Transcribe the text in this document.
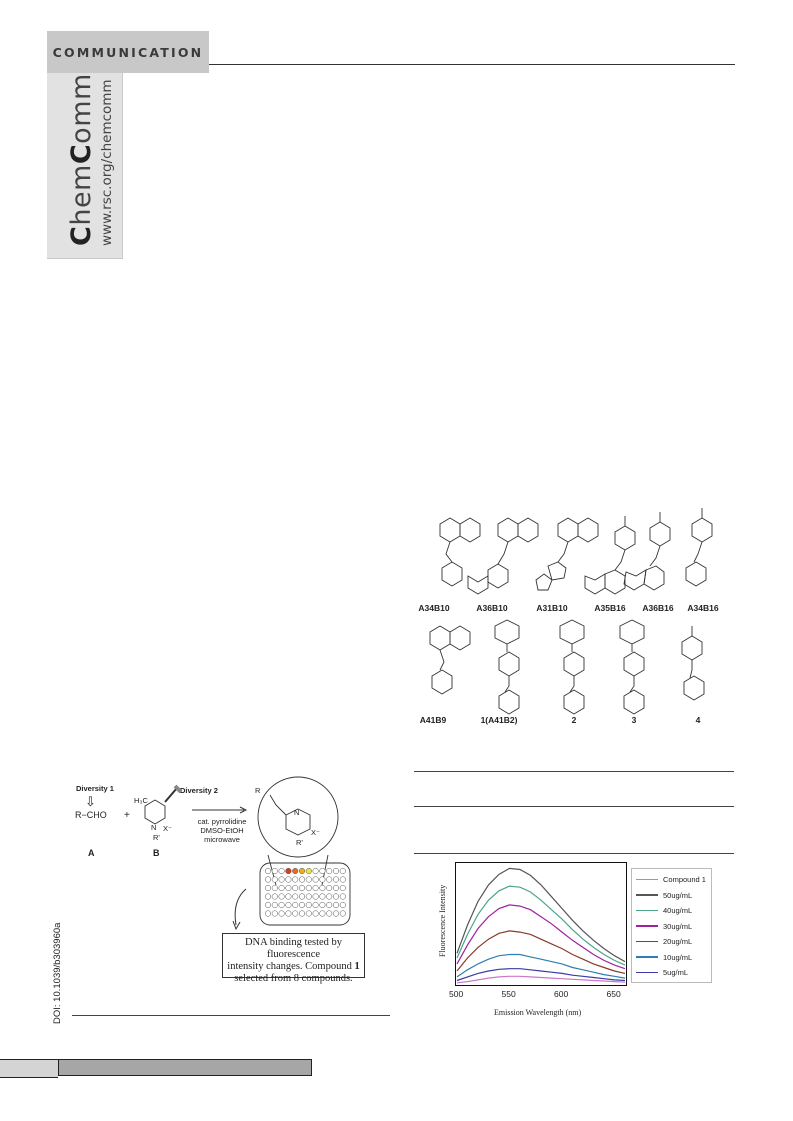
COMMUNICATION
ChemComm www.rsc.org/chemcomm
DOI: 10.1039/b303960a
A34B10	A36B10	A31B10	A35B16	A36B16	A34B16
A41B9	1(A41B2)	2	3	4
Diversity 1
⇩
R−CHO +
A
H₃C
Diversity 2
N X⁻
R'
B
cat. pyrrolidine
DMSO-EtOH
microwave
R
N
X⁻
R'
DNA binding tested by fluorescence
intensity changes. Compound 1
selected from 8 compounds.
Compound 1
50ug/mL
40ug/mL
30ug/mL
20ug/mL
10ug/mL
5ug/mL
Emission Wavelength (nm)
Fluorescence Intensity
500	550	600	650
